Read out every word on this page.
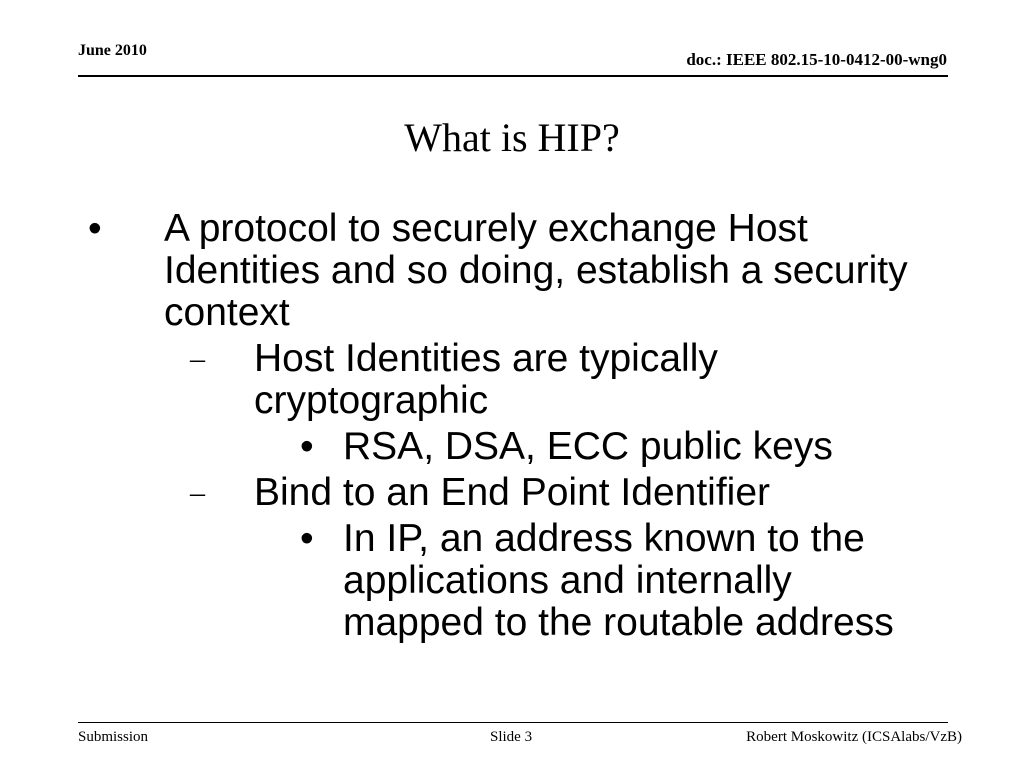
June 2010	doc.: IEEE 802.15-10-0412-00-wng0
What is HIP?
• A protocol to securely exchange Host Identities and so doing, establish a security context
– Host Identities are typically cryptographic
• RSA, DSA, ECC public keys
– Bind to an End Point Identifier
• In IP, an address known to the applications and internally mapped to the routable address
Submission	Slide 3	Robert Moskowitz (ICSAlabs/VzB)
